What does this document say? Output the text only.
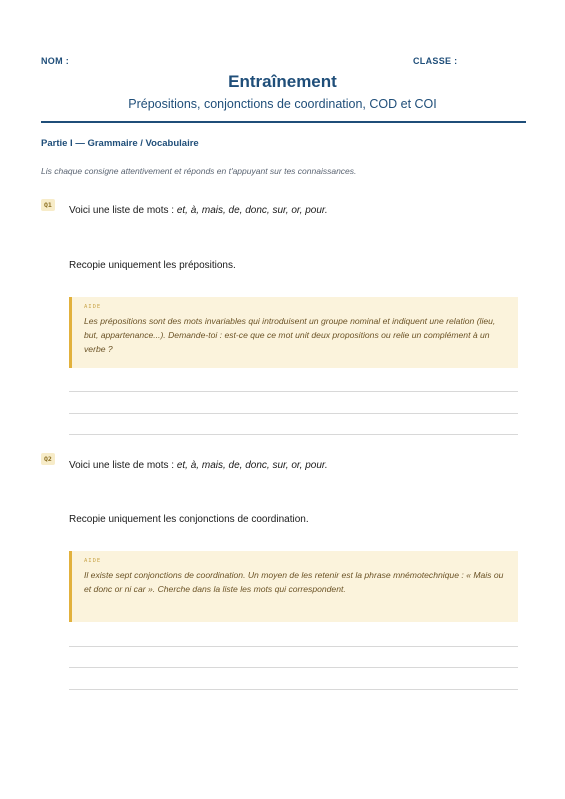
NOM :	CLASSE :
Entraînement
Prépositions, conjonctions de coordination, COD et COI
Partie I — Grammaire / Vocabulaire
Lis chaque consigne attentivement et réponds en t'appuyant sur tes connaissances.
Q1	Voici une liste de mots : et, à, mais, de, donc, sur, or, pour.
Recopie uniquement les prépositions.
AIDE
Les prépositions sont des mots invariables qui introduisent un groupe nominal et indiquent une relation (lieu, but, appartenance...). Demande-toi : est-ce que ce mot unit deux propositions ou relie un complément à un verbe ?
Q2
Voici une liste de mots : et, à, mais, de, donc, sur, or, pour.
Recopie uniquement les conjonctions de coordination.
AIDE
Il existe sept conjonctions de coordination. Un moyen de les retenir est la phrase mnémotechnique : « Mais ou et donc or ni car ». Cherche dans la liste les mots qui correspondent.
